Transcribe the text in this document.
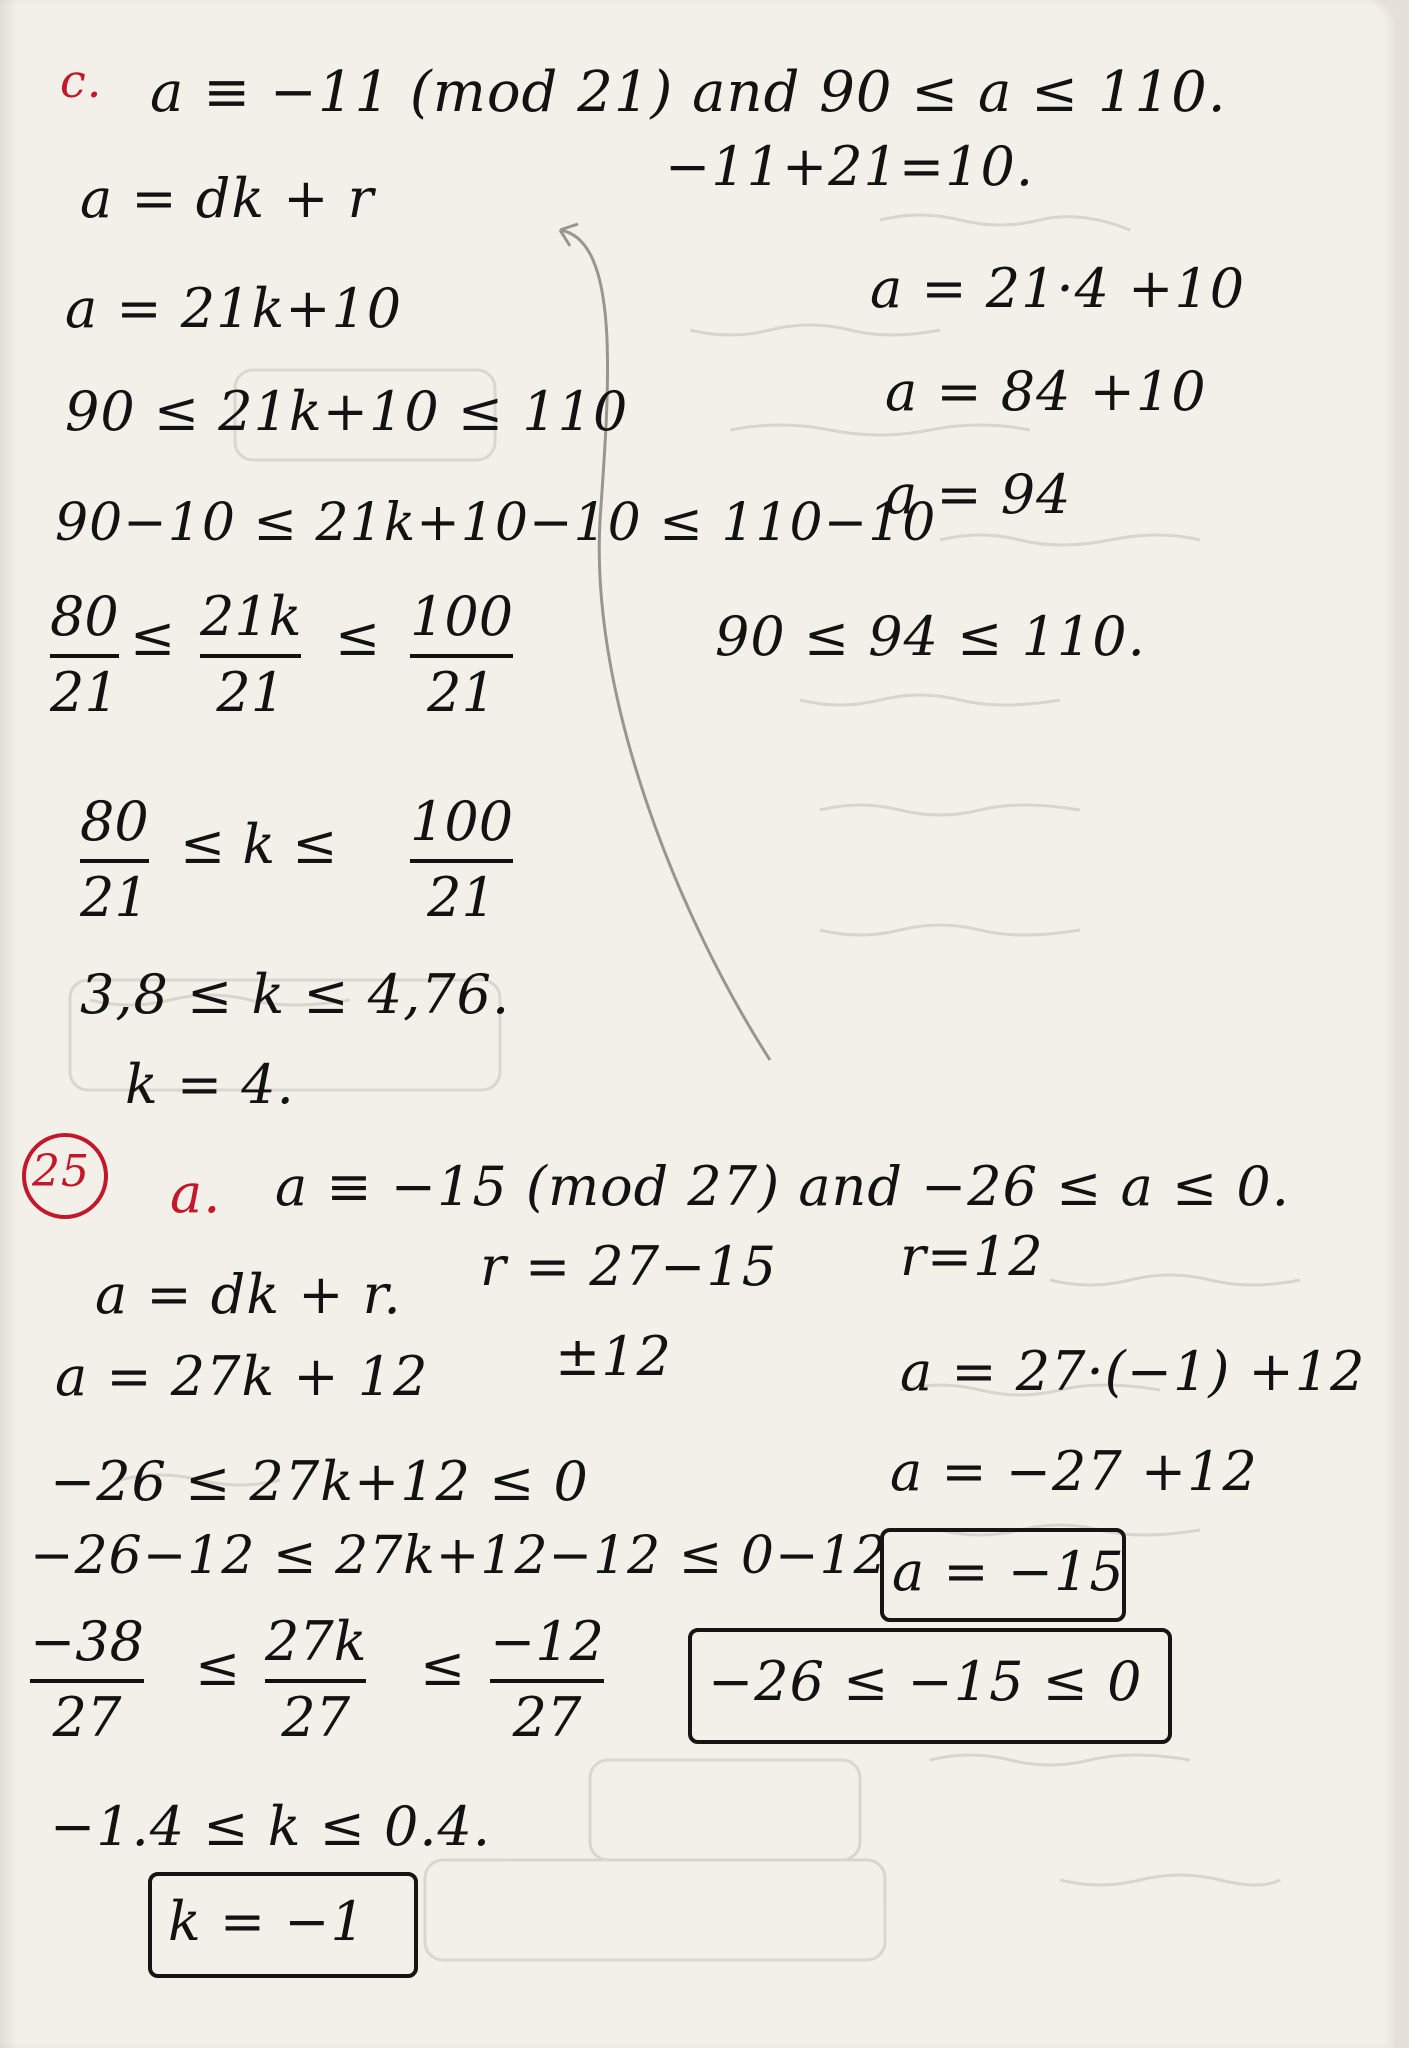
c. a ≡ −11 (mod 21) and 90 ≤ a ≤ 110.
a = dk + r
−11+21=10.
a = 21k+10	a = 21·4 +10
90 ≤ 21k+10 ≤ 110	a = 84 +10
90−10 ≤ 21k+10−10 ≤ 110−10
a = 94
80
21
≤ 21k
21
≤ 100
21
90 ≤ 94 ≤ 110.
80
21
≤ k ≤ 100
21
3,8 ≤ k ≤ 4,76.
k = 4.
25 a. a ≡ −15 (mod 27) and −26 ≤ a ≤ 0.
a = dk + r. r = 27−15 r=12
a = 27k + 12 ±12	a = 27·(−1) +12
−26 ≤ 27k+12 ≤ 0	a = −27 +12
−26−12 ≤ 27k+12−12 ≤ 0−12 a = −15
−38
27
≤ 27k
27
≤ −12
27
−26 ≤ −15 ≤ 0
−1.4 ≤ k ≤ 0.4.
k = −1
